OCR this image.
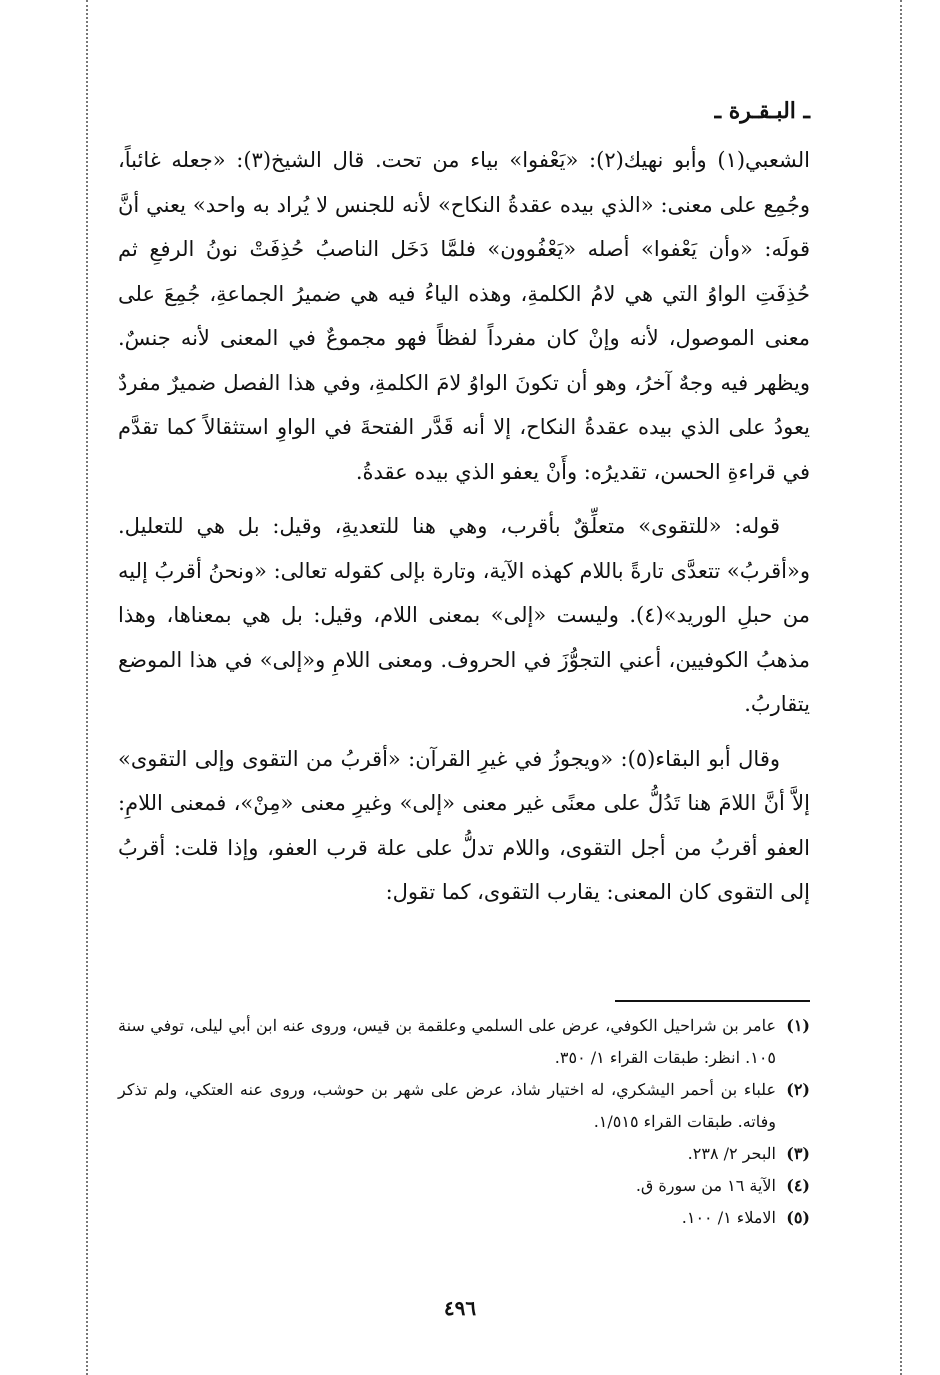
ـ البـقـرة ـ

الشعبي(١) وأبو نهيك(٢): «يَعْفوا» بياء من تحت. قال الشيخ(٣): «جعله غائباً، وجُمِع على معنى: «الذي بيده عقدةُ النكاح» لأنه للجنس لا يُراد به واحد» يعني أنَّ قولَه: «وأن يَعْفوا» أصله «يَعْفُوون» فلمَّا دَخَل الناصبُ حُذِفَتْ نونُ الرفعِ ثم حُذِفَتِ الواوُ التي هي لامُ الكلمةِ، وهذه الياءُ فيه هي ضميرُ الجماعةِ، جُمِعَ على معنى الموصول، لأنه وإنْ كان مفرداً لفظاً فهو مجموعٌ في المعنى لأنه جنسٌ. ويظهر فيه وجهٌ آخرُ، وهو أن تكونَ الواوُ لامَ الكلمةِ، وفي هذا الفصل ضميرٌ مفردٌ يعودُ على الذي بيده عقدةُ النكاح، إلا أنه قَدَّر الفتحةَ في الواوِ استثقالاً كما تقدَّم في قراءةِ الحسن، تقديرُه: وأَنْ يعفو الذي بيده عقدةُ.

قوله: «للتقوى» متعلِّقٌ بأقرب، وهي هنا للتعديةِ، وقيل: بل هي للتعليل. و«أقربُ» تتعدَّى تارةً باللام كهذه الآية، وتارة بإلى كقوله تعالى: «ونحنُ أقربُ إليه من حبلِ الوريد»(٤). وليست «إلى» بمعنى اللام، وقيل: بل هي بمعناها، وهذا مذهبُ الكوفيين، أعني التجوُّزَ في الحروف. ومعنى اللامِ و«إلى» في هذا الموضع يتقاربُ.

وقال أبو البقاء(٥): «ويجوزُ في غيرِ القرآن: «أقربُ من التقوى وإلى التقوى» إلاَّ أنَّ اللامَ هنا تَدُلُّ على معنًى غير معنى «إلى» وغيرِ معنى «مِنْ»، فمعنى اللامِ: العفو أقربُ من أجل التقوى، واللام تدلُّ على علة قرب العفو، وإذا قلت: أقربُ إلى التقوى كان المعنى: يقارب التقوى، كما تقول:

(١)
عامر بن شراحيل الكوفي، عرض على السلمي وعلقمة بن قيس، وروى عنه ابن أبي ليلى، توفي سنة ١٠٥. انظر: طبقات القراء ١/ ٣٥٠.
(٢)
علباء بن أحمر اليشكري، له اختيار شاذ، عرض على شهر بن حوشب، وروى عنه العتكي، ولم تذكر وفاته. طبقات القراء ١/٥١٥.
(٣)
البحر ٢/ ٢٣٨.
(٤)
الآية ١٦ من سورة ق.
(٥)
الاملاء ١/ ١٠٠.
٤٩٦
